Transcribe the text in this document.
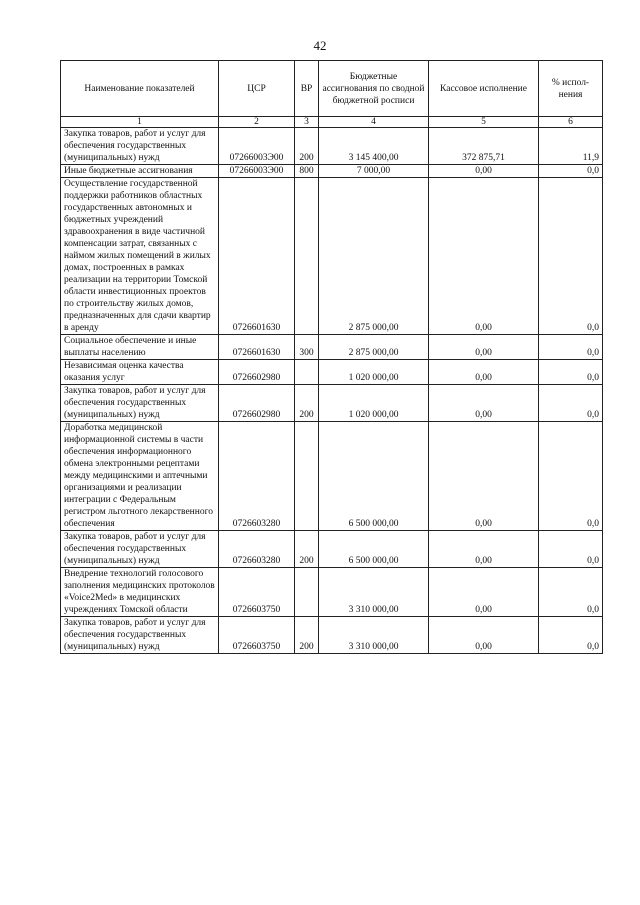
42
Наименование показателей	ЦСР	ВР	Бюджетные ассигнования по сводной бюджетной росписи	Кассовое исполнение	% испол-нения
1	2	3	4	5	6
Закупка товаров, работ и услуг для обеспечения государственных (муниципальных) нужд	07266003Э00	200	3 145 400,00	372 875,71	11,9
Иные бюджетные ассигнования	07266003Э00	800	7 000,00	0,00	0,0
Осуществление государственной поддержки работников областных государственных автономных и бюджетных учреждений здравоохранения в виде частичной компенсации затрат, связанных с наймом жилых помещений в жилых домах, построенных в рамках реализации на территории Томской области инвестиционных проектов по строительству жилых домов, предназначенных для сдачи квартир в аренду	0726601630		2 875 000,00	0,00	0,0
Социальное обеспечение и иные выплаты населению	0726601630	300	2 875 000,00	0,00	0,0
Независимая оценка качества оказания услуг	0726602980		1 020 000,00	0,00	0,0
Закупка товаров, работ и услуг для обеспечения государственных (муниципальных) нужд	0726602980	200	1 020 000,00	0,00	0,0
Доработка медицинской информационной системы в части обеспечения информационного обмена электронными рецептами между медицинскими и аптечными организациями и реализации интеграции с Федеральным регистром льготного лекарственного обеспечения	0726603280		6 500 000,00	0,00	0,0
Закупка товаров, работ и услуг для обеспечения государственных (муниципальных) нужд	0726603280	200	6 500 000,00	0,00	0,0
Внедрение технологий голосового заполнения медицинских протоколов «Voice2Med» в медицинских учреждениях Томской области	0726603750		3 310 000,00	0,00	0,0
Закупка товаров, работ и услуг для обеспечения государственных (муниципальных) нужд	0726603750	200	3 310 000,00	0,00	0,0
